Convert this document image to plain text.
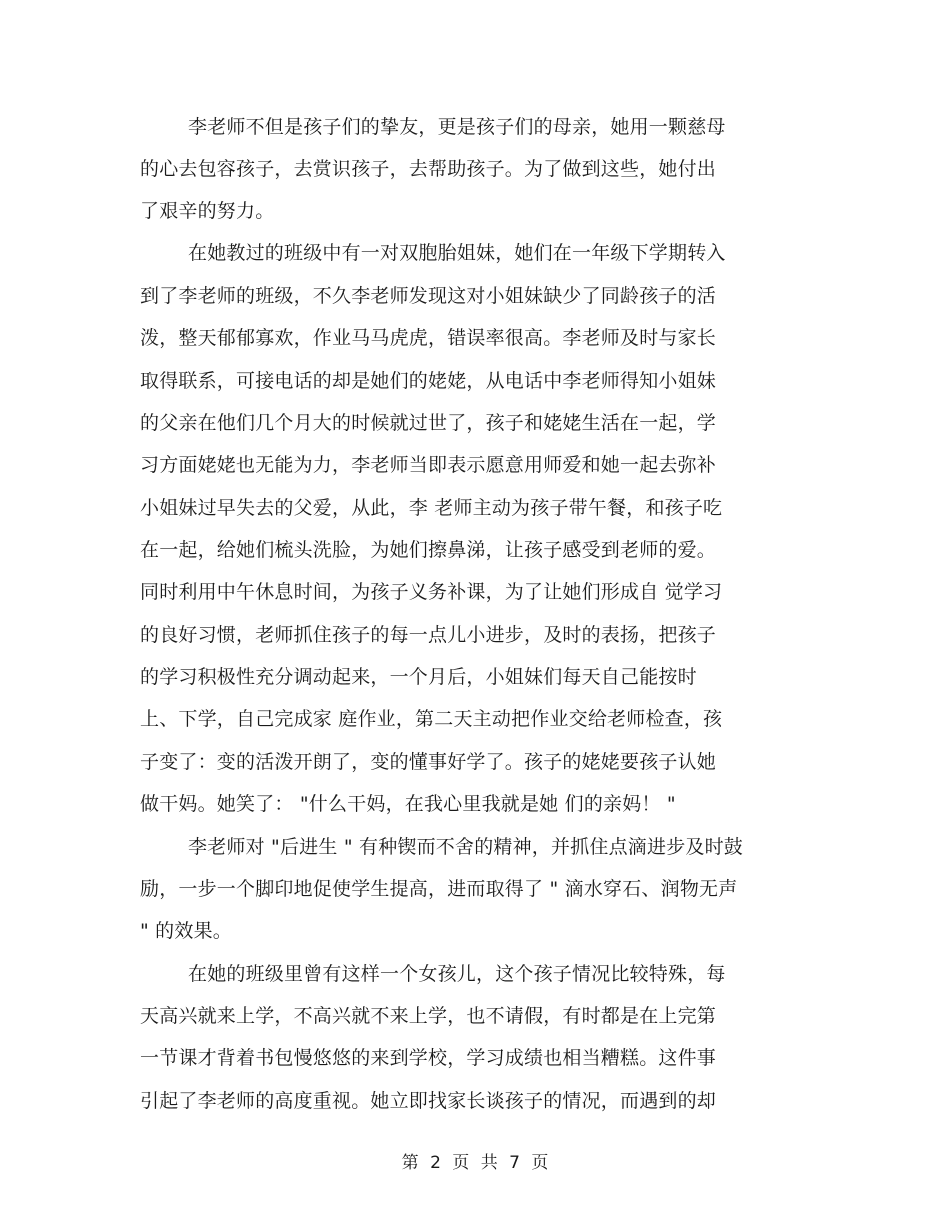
李老师不但是孩子们的挚友，更是孩子们的母亲，她用一颗慈母
的心去包容孩子，去赏识孩子，去帮助孩子。为了做到这些，她付出
了艰辛的努力。
在她教过的班级中有一对双胞胎姐妹，她们在一年级下学期转入
到了李老师的班级，不久李老师发现这对小姐妹缺少了同龄孩子的活
泼，整天郁郁寡欢，作业马马虎虎，错误率很高。李老师及时与家长
取得联系，可接电话的却是她们的姥姥，从电话中李老师得知小姐妹
的父亲在他们几个月大的时候就过世了，孩子和姥姥生活在一起，学
习方面姥姥也无能为力，李老师当即表示愿意用师爱和她一起去弥补
小姐妹过早失去的父爱，从此，李 老师主动为孩子带午餐，和孩子吃
在一起，给她们梳头洗脸，为她们擦鼻涕，让孩子感受到老师的爱。
同时利用中午休息时间，为孩子义务补课，为了让她们形成自 觉学习
的良好习惯，老师抓住孩子的每一点儿小进步，及时的表扬，把孩子
的学习积极性充分调动起来，一个月后，小姐妹们每天自己能按时
上、下学，自己完成家 庭作业，第二天主动把作业交给老师检查，孩
子变了：变的活泼开朗了，变的懂事好学了。孩子的姥姥要孩子认她
做干妈。她笑了： "什么干妈，在我心里我就是她 们的亲妈！ "
李老师对 "后进生 " 有种锲而不舍的精神，并抓住点滴进步及时鼓
励，一步一个脚印地促使学生提高，进而取得了 " 滴水穿石、润物无声
" 的效果。
在她的班级里曾有这样一个女孩儿，这个孩子情况比较特殊，每
天高兴就来上学，不高兴就不来上学，也不请假，有时都是在上完第
一节课才背着书包慢悠悠的来到学校，学习成绩也相当糟糕。这件事
引起了李老师的高度重视。她立即找家长谈孩子的情况，而遇到的却
第 2 页 共 7 页
